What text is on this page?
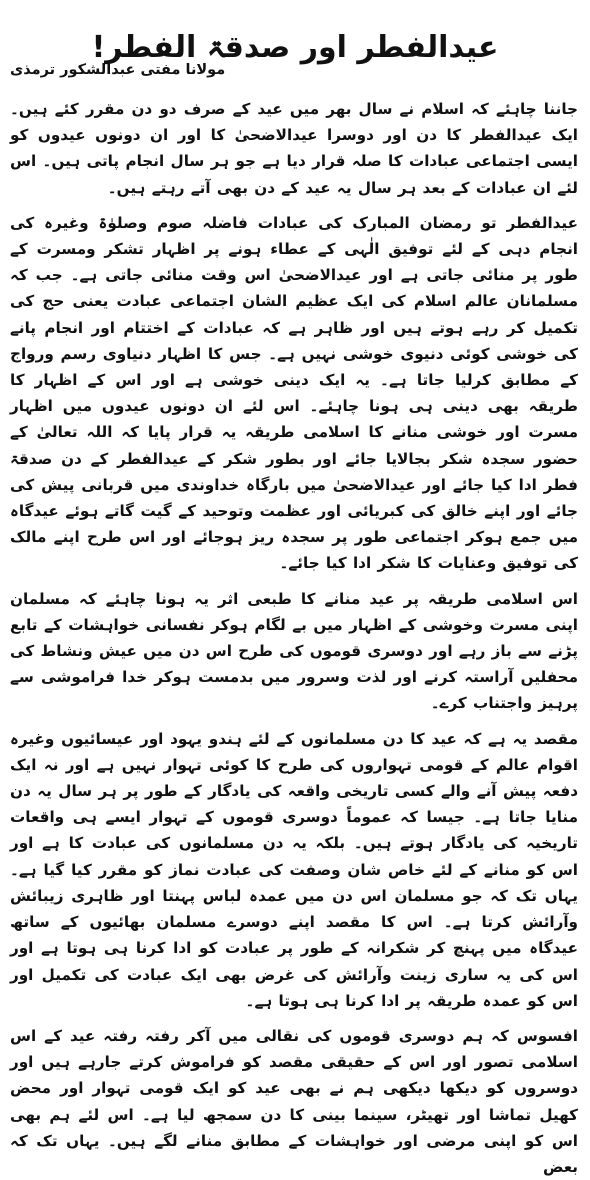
عیدالفطر اور صدقۃ الفطر!
مولانا مفتی عبدالشکور ترمذی

جاننا چاہئے کہ اسلام نے سال بھر میں عید کے صرف دو دن مقرر کئے ہیں۔ ایک عیدالفطر کا دن اور دوسرا عیدالاضحیٰ کا اور ان دونوں عیدوں کو ایسی اجتماعی عبادات کا صلہ قرار دیا ہے جو ہر سال انجام پاتی ہیں۔ اس لئے ان عبادات کے بعد ہر سال یہ عید کے دن بھی آتے رہتے ہیں۔

عیدالفطر تو رمضان المبارک کی عبادات فاضلہ صوم وصلوٰۃ وغیرہ کی انجام دہی کے لئے توفیق الٰہی کے عطاء ہونے پر اظہار تشکر ومسرت کے طور پر منائی جاتی ہے اور عیدالاضحیٰ اس وقت منائی جاتی ہے۔ جب کہ مسلمانان عالم اسلام کی ایک عظیم الشان اجتماعی عبادت یعنی حج کی تکمیل کر رہے ہوتے ہیں اور ظاہر ہے کہ عبادات کے اختتام اور انجام پانے کی خوشی کوئی دنیوی خوشی نہیں ہے۔ جس کا اظہار دنیاوی رسم ورواج کے مطابق کرلیا جاتا ہے۔ یہ ایک دینی خوشی ہے اور اس کے اظہار کا طریقہ بھی دینی ہی ہونا چاہئے۔ اس لئے ان دونوں عیدوں میں اظہار مسرت اور خوشی منانے کا اسلامی طریقہ یہ قرار پایا کہ اللہ تعالیٰ کے حضور سجدہ شکر بجالایا جائے اور بطور شکر کے عیدالفطر کے دن صدقۃ فطر ادا کیا جائے اور عیدالاضحیٰ میں بارگاہ خداوندی میں قربانی پیش کی جائے اور اپنے خالق کی کبریائی اور عظمت وتوحید کے گیت گاتے ہوئے عیدگاہ میں جمع ہوکر اجتماعی طور پر سجدہ ریز ہوجائے اور اس طرح اپنے مالک کی توفیق وعنایات کا شکر ادا کیا جائے۔

اس اسلامی طریقہ پر عید منانے کا طبعی اثر یہ ہونا چاہئے کہ مسلمان اپنی مسرت وخوشی کے اظہار میں بے لگام ہوکر نفسانی خواہشات کے تابع پڑنے سے باز رہے اور دوسری قوموں کی طرح اس دن میں عیش ونشاط کی محفلیں آراستہ کرنے اور لذت وسرور میں بدمست ہوکر خدا فراموشی سے پرہیز واجتناب کرے۔

مقصد یہ ہے کہ عید کا دن مسلمانوں کے لئے ہندو یہود اور عیسائیوں وغیرہ اقوام عالم کے قومی تہواروں کی طرح کا کوئی تہوار نہیں ہے اور نہ ایک دفعہ پیش آنے والے کسی تاریخی واقعہ کی یادگار کے طور پر ہر سال یہ دن منایا جاتا ہے۔ جیسا کہ عموماً دوسری قوموں کے تہوار ایسے ہی واقعات تاریخیہ کی یادگار ہوتے ہیں۔ بلکہ یہ دن مسلمانوں کی عبادت کا ہے اور اس کو منانے کے لئے خاص شان وصفت کی عبادت نماز کو مقرر کیا گیا ہے۔ یہاں تک کہ جو مسلمان اس دن میں عمدہ لباس پہنتا اور ظاہری زیبائش وآرائش کرتا ہے۔ اس کا مقصد اپنے دوسرے مسلمان بھائیوں کے ساتھ عیدگاہ میں پہنچ کر شکرانہ کے طور پر عبادت کو ادا کرنا ہی ہوتا ہے اور اس کی یہ ساری زینت وآرائش کی غرض بھی ایک عبادت کی تکمیل اور اس کو عمدہ طریقہ پر ادا کرنا ہی ہوتا ہے۔

افسوس کہ ہم دوسری قوموں کی نقالی میں آکر رفتہ رفتہ عید کے اس اسلامی تصور اور اس کے حقیقی مقصد کو فراموش کرتے جارہے ہیں اور دوسروں کو دیکھا دیکھی ہم نے بھی عید کو ایک قومی تہوار اور محض کھیل تماشا اور تھیٹر، سینما بینی کا دن سمجھ لیا ہے۔ اس لئے ہم بھی اس کو اپنی مرضی اور خواہشات کے مطابق منانے لگے ہیں۔ یہاں تک کہ بعض
